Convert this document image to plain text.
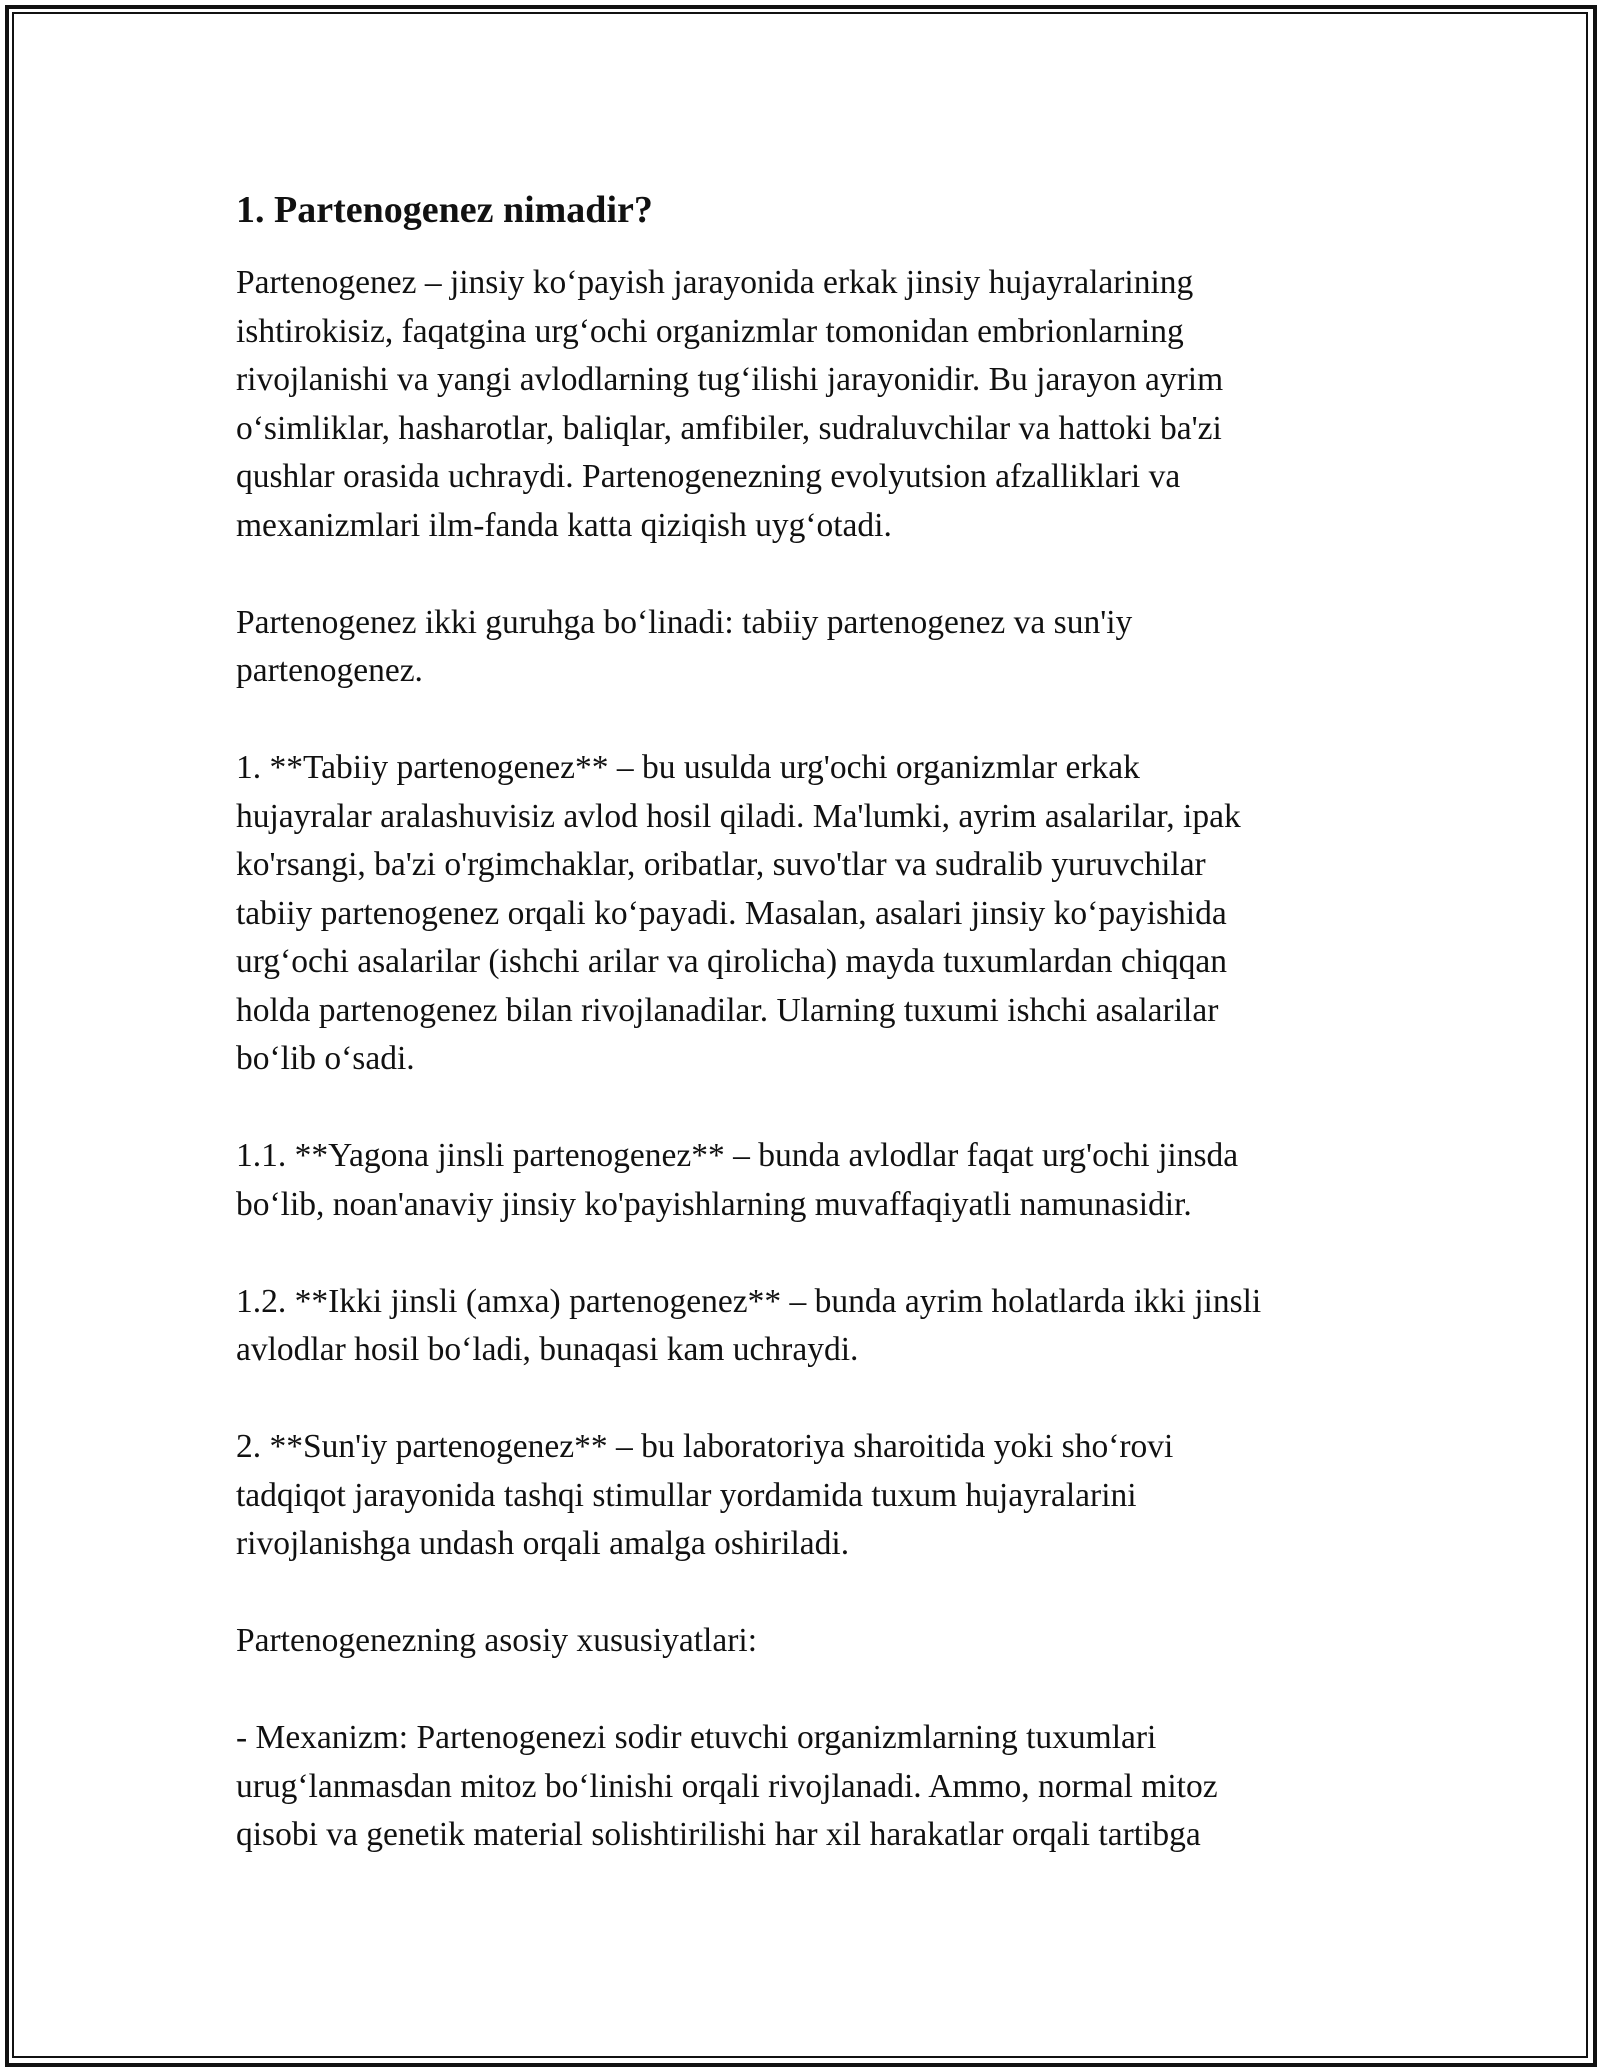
1. Partenogenez nimadir?
Partenogenez – jinsiy ko‘payish jarayonida erkak jinsiy hujayralarining
ishtirokisiz, faqatgina urg‘ochi organizmlar tomonidan embrionlarning
rivojlanishi va yangi avlodlarning tug‘ilishi jarayonidir. Bu jarayon ayrim
o‘simliklar, hasharotlar, baliqlar, amfibiler, sudraluvchilar va hattoki ba'zi
qushlar orasida uchraydi. Partenogenezning evolyutsion afzalliklari va
mexanizmlari ilm-fanda katta qiziqish uyg‘otadi.
Partenogenez ikki guruhga bo‘linadi: tabiiy partenogenez va sun'iy
partenogenez.
1. **Tabiiy partenogenez** – bu usulda urg'ochi organizmlar erkak
hujayralar aralashuvisiz avlod hosil qiladi. Ma'lumki, ayrim asalarilar, ipak
ko'rsangi, ba'zi o'rgimchaklar, oribatlar, suvo'tlar va sudralib yuruvchilar
tabiiy partenogenez orqali ko‘payadi. Masalan, asalari jinsiy ko‘payishida
urg‘ochi asalarilar (ishchi arilar va qirolicha) mayda tuxumlardan chiqqan
holda partenogenez bilan rivojlanadilar. Ularning tuxumi ishchi asalarilar
bo‘lib o‘sadi.
1.1. **Yagona jinsli partenogenez** – bunda avlodlar faqat urg'ochi jinsda
bo‘lib, noan'anaviy jinsiy ko'payishlarning muvaffaqiyatli namunasidir.
1.2. **Ikki jinsli (amxa) partenogenez** – bunda ayrim holatlarda ikki jinsli
avlodlar hosil bo‘ladi, bunaqasi kam uchraydi.
2. **Sun'iy partenogenez** – bu laboratoriya sharoitida yoki sho‘rovi
tadqiqot jarayonida tashqi stimullar yordamida tuxum hujayralarini
rivojlanishga undash orqali amalga oshiriladi.
Partenogenezning asosiy xususiyatlari:
- Mexanizm: Partenogenezi sodir etuvchi organizmlarning tuxumlari
urug‘lanmasdan mitoz bo‘linishi orqali rivojlanadi. Ammo, normal mitoz
qisobi va genetik material solishtirilishi har xil harakatlar orqali tartibga
